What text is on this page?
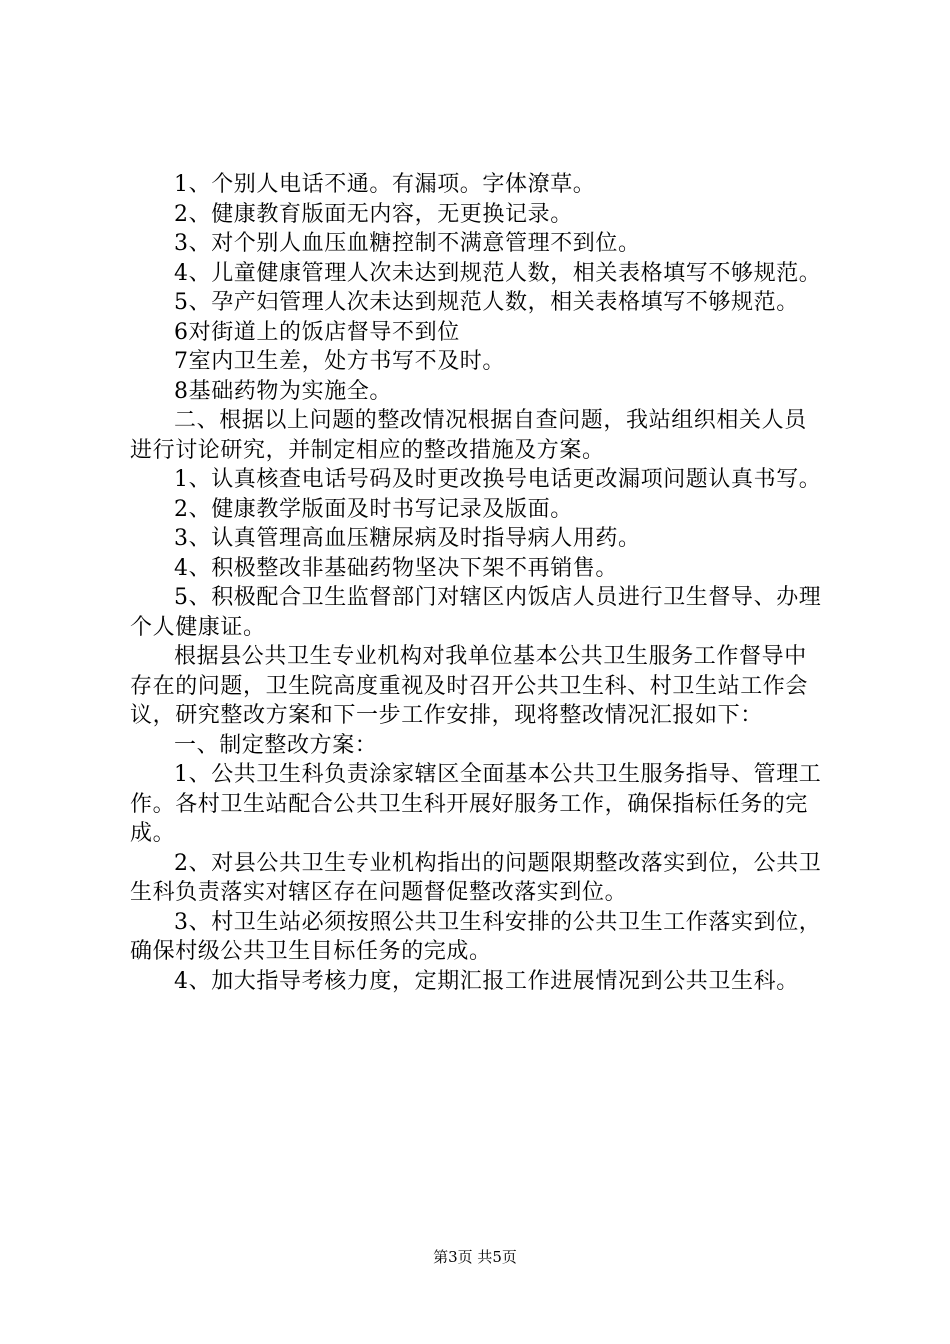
1、个别人电话不通。有漏项。字体潦草。

2、健康教育版面无内容，无更换记录。

3、对个别人血压血糖控制不满意管理不到位。

4、儿童健康管理人次未达到规范人数，相关表格填写不够规范。

5、孕产妇管理人次未达到规范人数，相关表格填写不够规范。

6对街道上的饭店督导不到位

7室内卫生差，处方书写不及时。

8基础药物为实施全。

二、根据以上问题的整改情况根据自查问题，我站组织相关人员进行讨论研究，并制定相应的整改措施及方案。

1、认真核查电话号码及时更改换号电话更改漏项问题认真书写。

2、健康教学版面及时书写记录及版面。

3、认真管理高血压糖尿病及时指导病人用药。

4、积极整改非基础药物坚决下架不再销售。

5、积极配合卫生监督部门对辖区内饭店人员进行卫生督导、办理个人健康证。

根据县公共卫生专业机构对我单位基本公共卫生服务工作督导中存在的问题，卫生院高度重视及时召开公共卫生科、村卫生站工作会议，研究整改方案和下一步工作安排，现将整改情况汇报如下：

一、制定整改方案：

1、公共卫生科负责涂家辖区全面基本公共卫生服务指导、管理工作。各村卫生站配合公共卫生科开展好服务工作，确保指标任务的完成。

2、对县公共卫生专业机构指出的问题限期整改落实到位，公共卫生科负责落实对辖区存在问题督促整改落实到位。

3、村卫生站必须按照公共卫生科安排的公共卫生工作落实到位，确保村级公共卫生目标任务的完成。

4、加大指导考核力度，定期汇报工作进展情况到公共卫生科。

第3页 共5页
